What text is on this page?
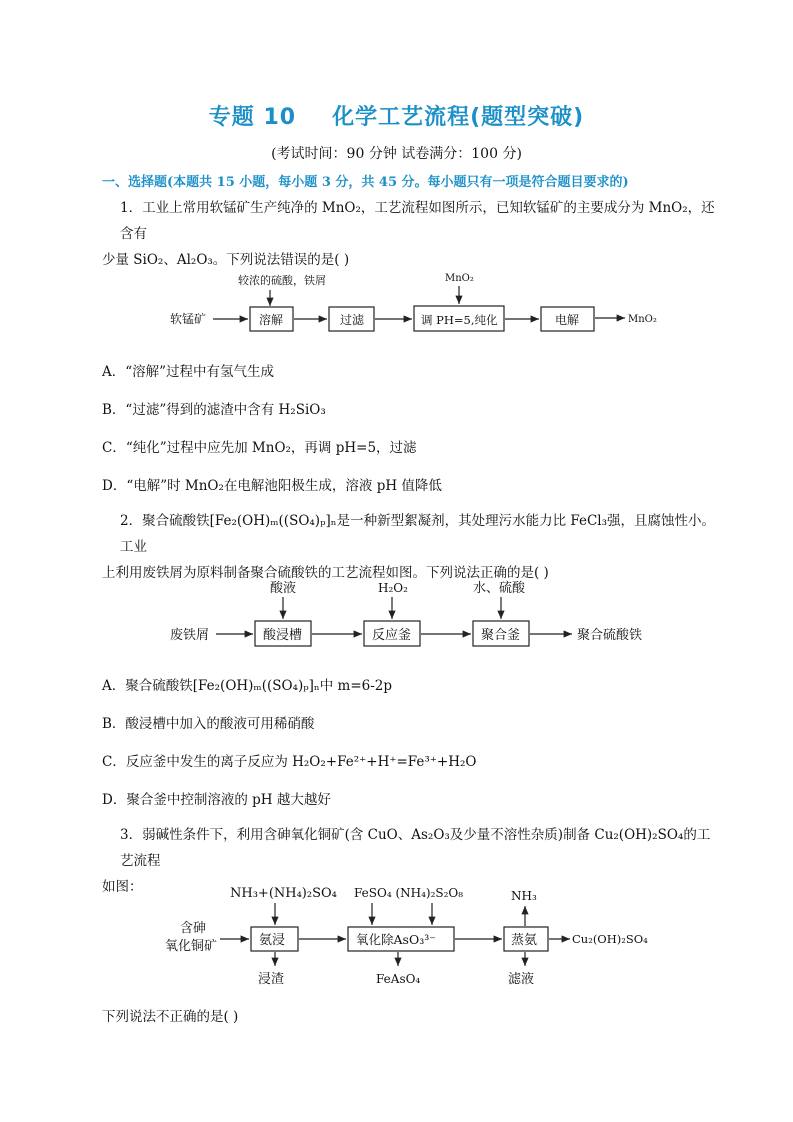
专题 10 化学工艺流程(题型突破)
(考试时间：90 分钟 试卷满分：100 分)
一、选择题(本题共 15 小题，每小题 3 分，共 45 分。每小题只有一项是符合题目要求的)
1．工业上常用软锰矿生产纯净的 MnO₂，工艺流程如图所示，已知软锰矿的主要成分为 MnO₂，还含有
少量 SiO₂、Al₂O₃。下列说法错误的是( )
软锰矿
较浓的硫酸，铁屑
溶解	过滤
MnO₂
调 PH=5,纯化	电解	MnO₂
酸液
废铁屑	酸浸槽
H₂O₂
反应釜
水、硫酸
聚合釜	聚合硫酸铁
NH₃+(NH₄)₂SO₄
含砷
氧化铜矿	氨浸
浸渣
FeSO₄ (NH₄)₂S₂O₈
氧化除AsO₃³⁻
FeAsO₄
NH₃
蒸氨
滤液
Cu₂(OH)₂SO₄
A．“溶解”过程中有氢气生成
B．“过滤”得到的滤渣中含有 H₂SiO₃
C．“纯化”过程中应先加 MnO₂，再调 pH=5，过滤
D．“电解”时 MnO₂在电解池阳极生成，溶液 pH 值降低
2．聚合硫酸铁[Fe₂(OH)ₘ((SO₄)ₚ]ₙ是一种新型絮凝剂，其处理污水能力比 FeCl₃强，且腐蚀性小。工业
上利用废铁屑为原料制备聚合硫酸铁的工艺流程如图。下列说法正确的是( )
A．聚合硫酸铁[Fe₂(OH)ₘ((SO₄)ₚ]ₙ中 m=6-2p
B．酸浸槽中加入的酸液可用稀硝酸
C．反应釜中发生的离子反应为 H₂O₂+Fe²⁺+H⁺=Fe³⁺+H₂O
D．聚合釜中控制溶液的 pH 越大越好
3．弱碱性条件下，利用含砷氧化铜矿(含 CuO、As₂O₃及少量不溶性杂质)制备 Cu₂(OH)₂SO₄的工艺流程
如图：
下列说法不正确的是( )
